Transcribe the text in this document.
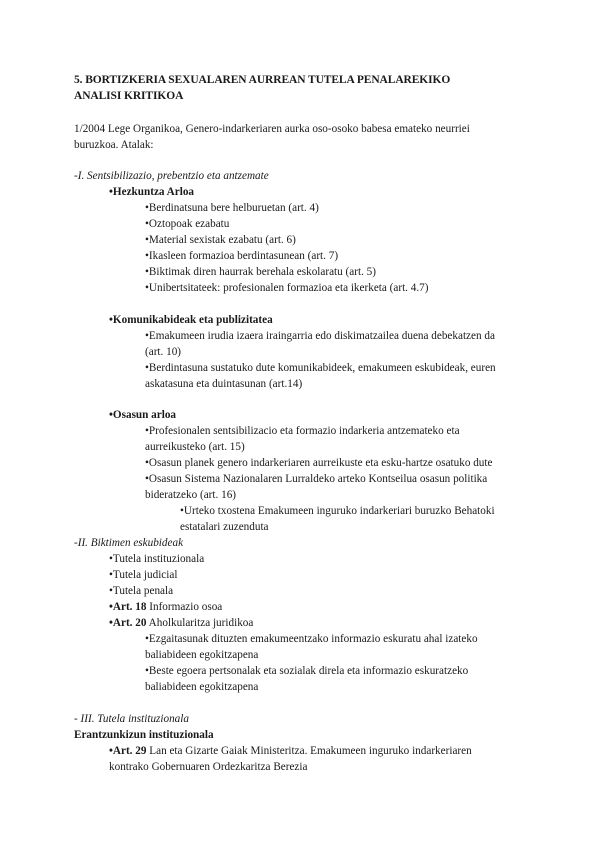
5. BORTIZKERIA SEXUALAREN AURREAN TUTELA PENALAREKIKO
ANALISI KRITIKOA
1/2004 Lege Organikoa, Genero-indarkeriaren aurka oso-osoko babesa emateko neurriei
buruzkoa. Atalak:
-I. Sentsibilizazio, prebentzio eta antzemate
•Hezkuntza Arloa
•Berdinatsuna bere helburuetan (art. 4)
•Oztopoak ezabatu
•Material sexistak ezabatu (art. 6)
•Ikasleen formazioa berdintasunean (art. 7)
•Biktimak diren haurrak berehala eskolaratu (art. 5)
•Unibertsitateek: profesionalen formazioa eta ikerketa (art. 4.7)
•Komunikabideak eta publizitatea
•Emakumeen irudia izaera iraingarria edo diskimatzailea duena debekatzen da
(art. 10)
•Berdintasuna sustatuko dute komunikabideek, emakumeen eskubideak, euren
askatasuna eta duintasunan (art.14)
•Osasun arloa
•Profesionalen sentsibilizacio eta formazio indarkeria antzemateko eta
aurreikusteko (art. 15)
•Osasun planek genero indarkeriaren aurreikuste eta esku-hartze osatuko dute
•Osasun Sistema Nazionalaren Lurraldeko arteko Kontseilua osasun politika
bideratzeko (art. 16)
•Urteko txostena Emakumeen inguruko indarkeriari buruzko Behatoki
estatalari zuzenduta
-II. Biktimen eskubideak
•Tutela instituzionala
•Tutela judicial
•Tutela penala
•Art. 18 Informazio osoa
•Art. 20 Aholkularitza juridikoa
•Ezgaitasunak dituzten emakumeentzako informazio eskuratu ahal izateko
baliabideen egokitzapena
•Beste egoera pertsonalak eta sozialak direla eta informazio eskuratzeko
baliabideen egokitzapena
- III. Tutela instituzionala
Erantzunkizun instituzionala
•Art. 29 Lan eta Gizarte Gaiak Ministeritza. Emakumeen inguruko indarkeriaren
kontrako Gobernuaren Ordezkaritza Berezia
